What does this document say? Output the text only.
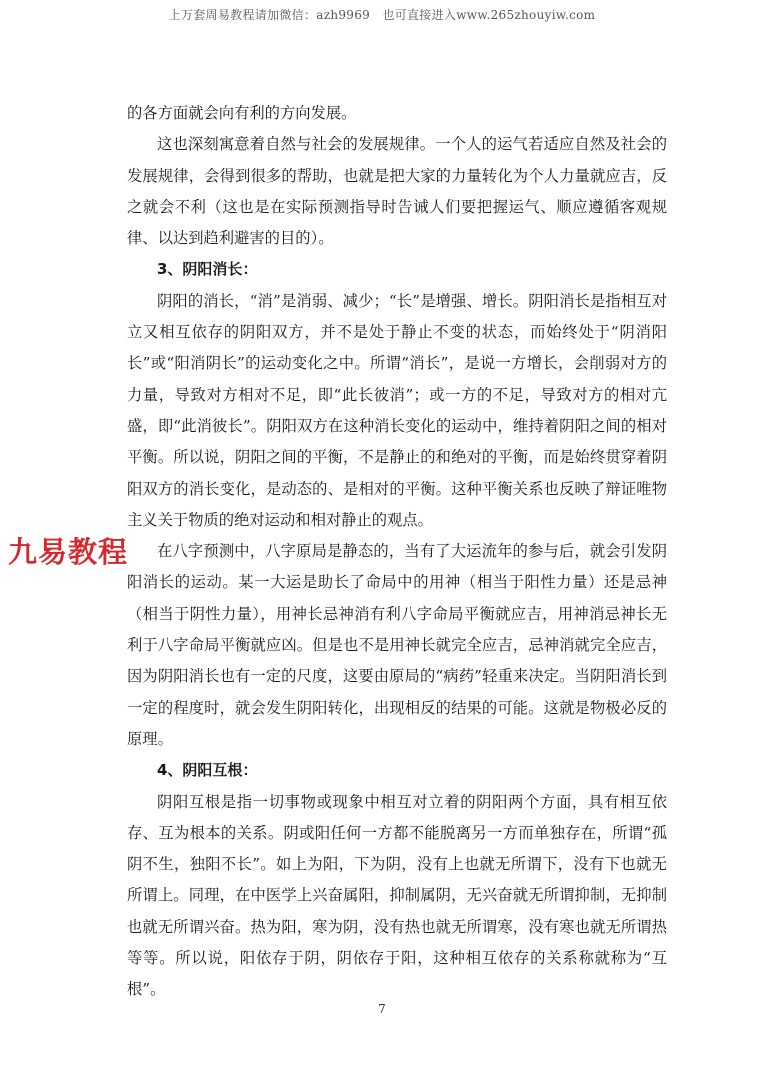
上万套周易教程请加微信：azh9969　也可直接进入www.265zhouyiw.com
九易教程

的各方面就会向有利的方向发展。

这也深刻寓意着自然与社会的发展规律。一个人的运气若适应自然及社会的发展规律，会得到很多的帮助，也就是把大家的力量转化为个人力量就应吉，反之就会不利（这也是在实际预测指导时告诫人们要把握运气、顺应遵循客观规律、以达到趋利避害的目的）。

3、阴阳消长：

阴阳的消长，“消”是消弱、减少；“长”是增强、增长。阴阳消长是指相互对立又相互依存的阴阳双方，并不是处于静止不变的状态，而始终处于“阴消阳长”或“阳消阴长”的运动变化之中。所谓“消长”，是说一方增长，会削弱对方的力量，导致对方相对不足，即“此长彼消”；或一方的不足，导致对方的相对亢盛，即“此消彼长”。阴阳双方在这种消长变化的运动中，维持着阴阳之间的相对平衡。所以说，阴阳之间的平衡，不是静止的和绝对的平衡，而是始终贯穿着阴阳双方的消长变化，是动态的、是相对的平衡。这种平衡关系也反映了辩证唯物主义关于物质的绝对运动和相对静止的观点。

在八字预测中，八字原局是静态的，当有了大运流年的参与后，就会引发阴阳消长的运动。某一大运是助长了命局中的用神（相当于阳性力量）还是忌神（相当于阴性力量），用神长忌神消有利八字命局平衡就应吉，用神消忌神长无利于八字命局平衡就应凶。但是也不是用神长就完全应吉，忌神消就完全应吉，因为阴阳消长也有一定的尺度，这要由原局的“病药”轻重来决定。当阴阳消长到一定的程度时，就会发生阴阳转化，出现相反的结果的可能。这就是物极必反的原理。

4、阴阳互根：

阴阳互根是指一切事物或现象中相互对立着的阴阳两个方面，具有相互依存、互为根本的关系。阴或阳任何一方都不能脱离另一方而单独存在，所谓“孤阴不生，独阳不长”。如上为阳，下为阴，没有上也就无所谓下，没有下也就无所谓上。同理，在中医学上兴奋属阳，抑制属阴，无兴奋就无所谓抑制，无抑制也就无所谓兴奋。热为阳，寒为阴，没有热也就无所谓寒，没有寒也就无所谓热等等。所以说，阳依存于阴，阴依存于阳，这种相互依存的关系称就称为“互根”。

7
